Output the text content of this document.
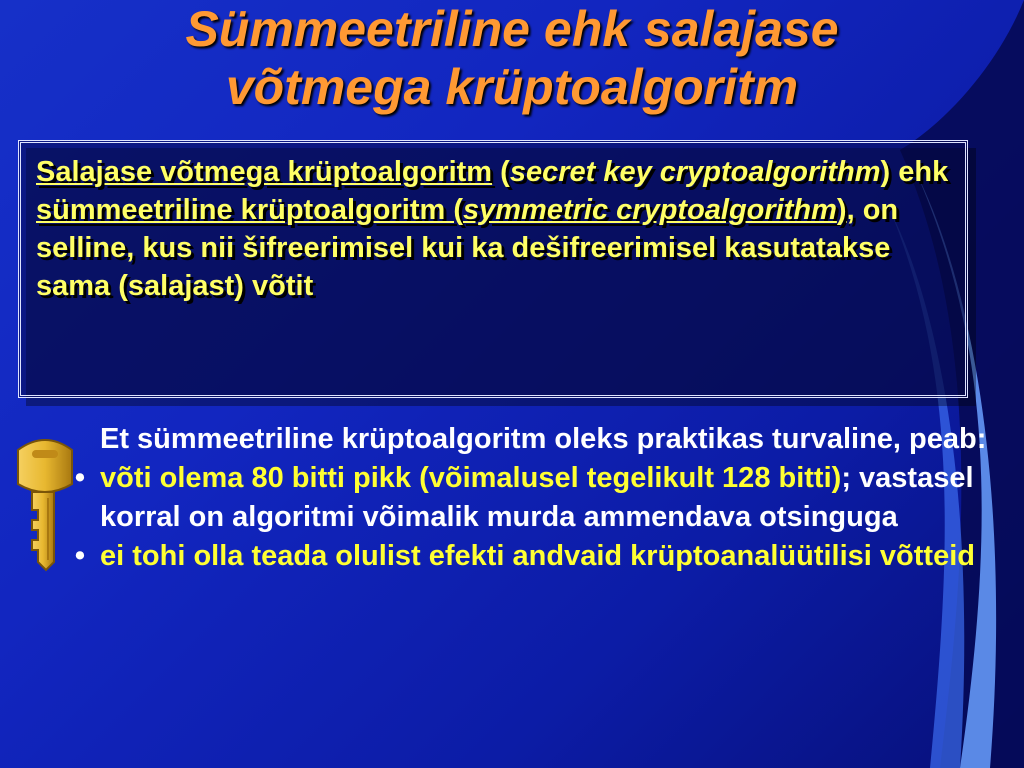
Sümmeetriline ehk salajase
võtmega krüptoalgoritm
Salajase võtmega krüptoalgoritm (secret key cryptoalgorithm) ehk sümmeetriline krüptoalgoritm (symmetric cryptoalgorithm), on selline, kus nii šifreerimisel kui ka dešifreerimisel kasutatakse sama (salajast) võtit
Et sümmeetriline krüptoalgoritm oleks praktikas turvaline, peab:
• võti olema 80 bitti pikk (võimalusel tegelikult 128 bitti); vastasel korral on algoritmi võimalik murda ammendava otsinguga
• ei tohi olla teada olulist efekti andvaid krüptoanalüütilisi võtteid
